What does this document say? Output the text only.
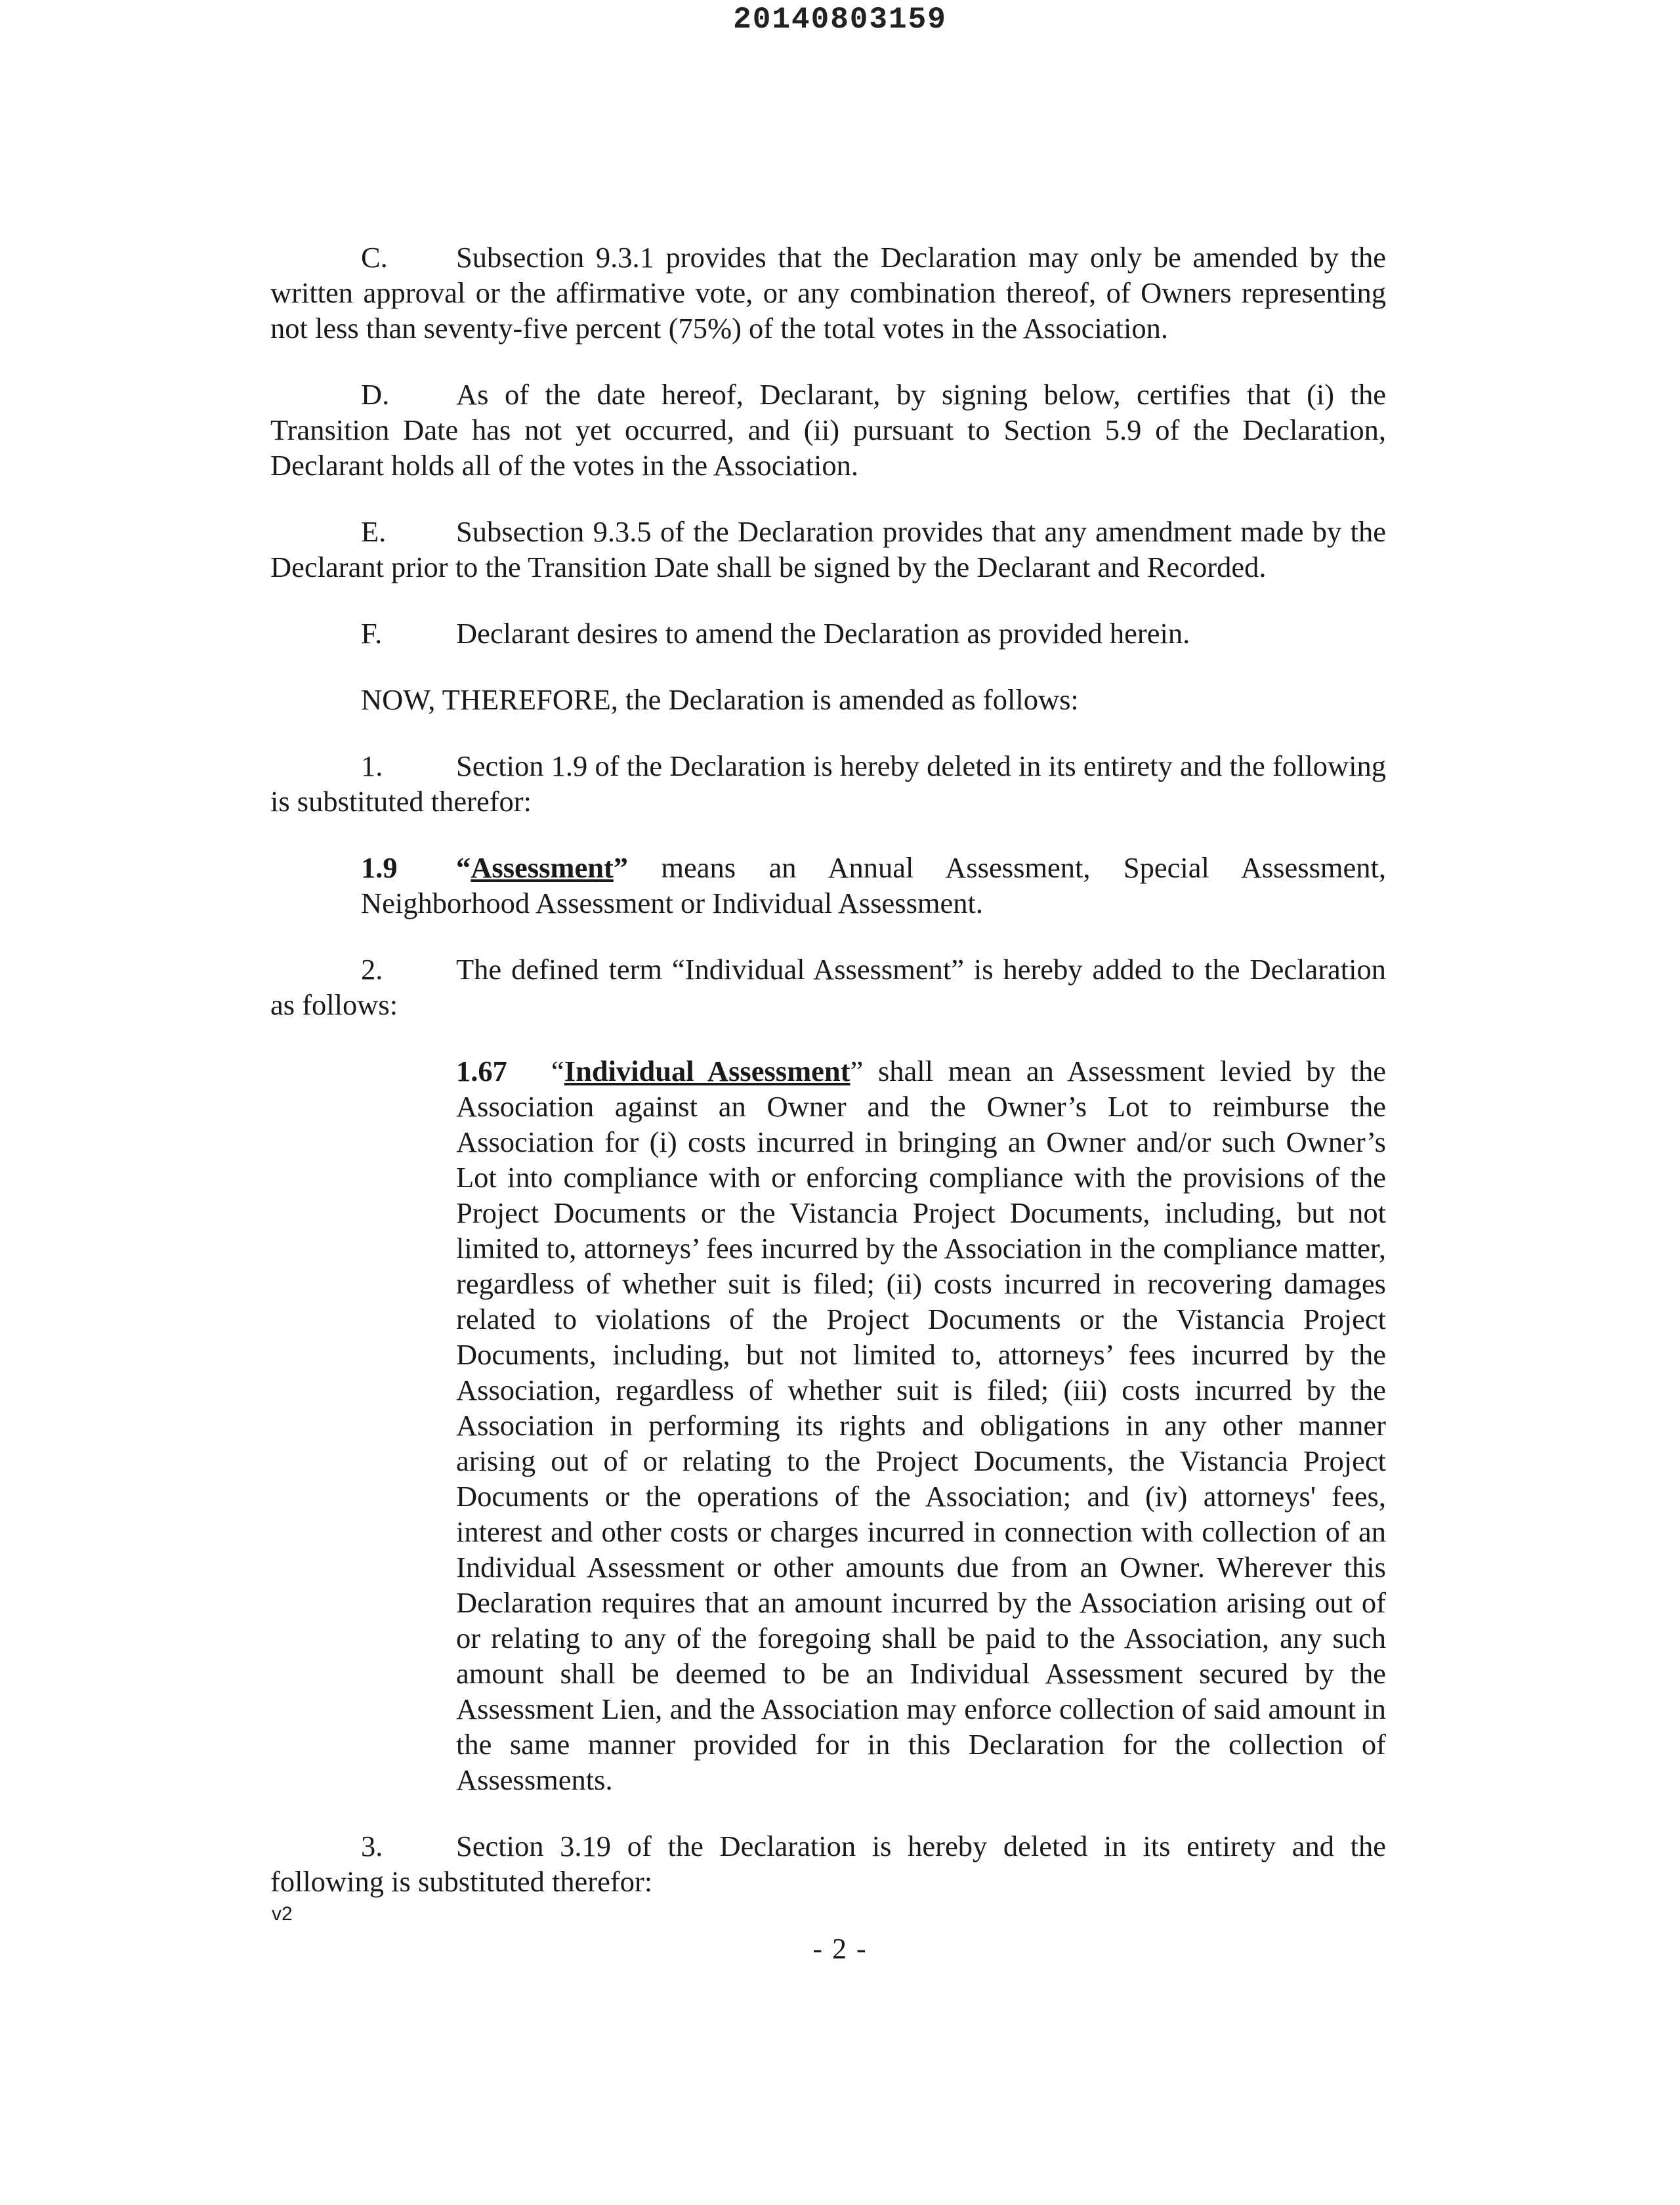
20140803159

C. Subsection 9.3.1 provides that the Declaration may only be amended by the written approval or the affirmative vote, or any combination thereof, of Owners representing not less than seventy-five percent (75%) of the total votes in the Association.

D. As of the date hereof, Declarant, by signing below, certifies that (i) the Transition Date has not yet occurred, and (ii) pursuant to Section 5.9 of the Declaration, Declarant holds all of the votes in the Association.

E. Subsection 9.3.5 of the Declaration provides that any amendment made by the Declarant prior to the Transition Date shall be signed by the Declarant and Recorded.

F.	Declarant desires to amend the Declaration as provided herein.

NOW, THEREFORE, the Declaration is amended as follows:

1.	Section 1.9 of the Declaration is hereby deleted in its entirety and the following is substituted therefor:

1.9 “Assessment” means an Annual Assessment, Special Assessment, Neighborhood Assessment or Individual Assessment.

2.	The defined term “Individual Assessment” is hereby added to the Declaration as follows:

1.67 “Individual Assessment” shall mean an Assessment levied by the Association against an Owner and the Owner’s Lot to reimburse the Association for (i) costs incurred in bringing an Owner and/or such Owner’s Lot into compliance with or enforcing compliance with the provisions of the Project Documents or the Vistancia Project Documents, including, but not limited to, attorneys’ fees incurred by the Association in the compliance matter, regardless of whether suit is filed; (ii) costs incurred in recovering damages related to violations of the Project Documents or the Vistancia Project Documents, including, but not limited to, attorneys’ fees incurred by the Association, regardless of whether suit is filed; (iii) costs incurred by the Association in performing its rights and obligations in any other manner arising out of or relating to the Project Documents, the Vistancia Project Documents or the operations of the Association; and (iv) attorneys' fees, interest and other costs or charges incurred in connection with collection of an Individual Assessment or other amounts due from an Owner. Wherever this Declaration requires that an amount incurred by the Association arising out of or relating to any of the foregoing shall be paid to the Association, any such amount shall be deemed to be an Individual Assessment secured by the Assessment Lien, and the Association may enforce collection of said amount in the same manner provided for in this Declaration for the collection of Assessments.

3.	Section 3.19 of the Declaration is hereby deleted in its entirety and the following is substituted therefor:

v2
- 2 -
